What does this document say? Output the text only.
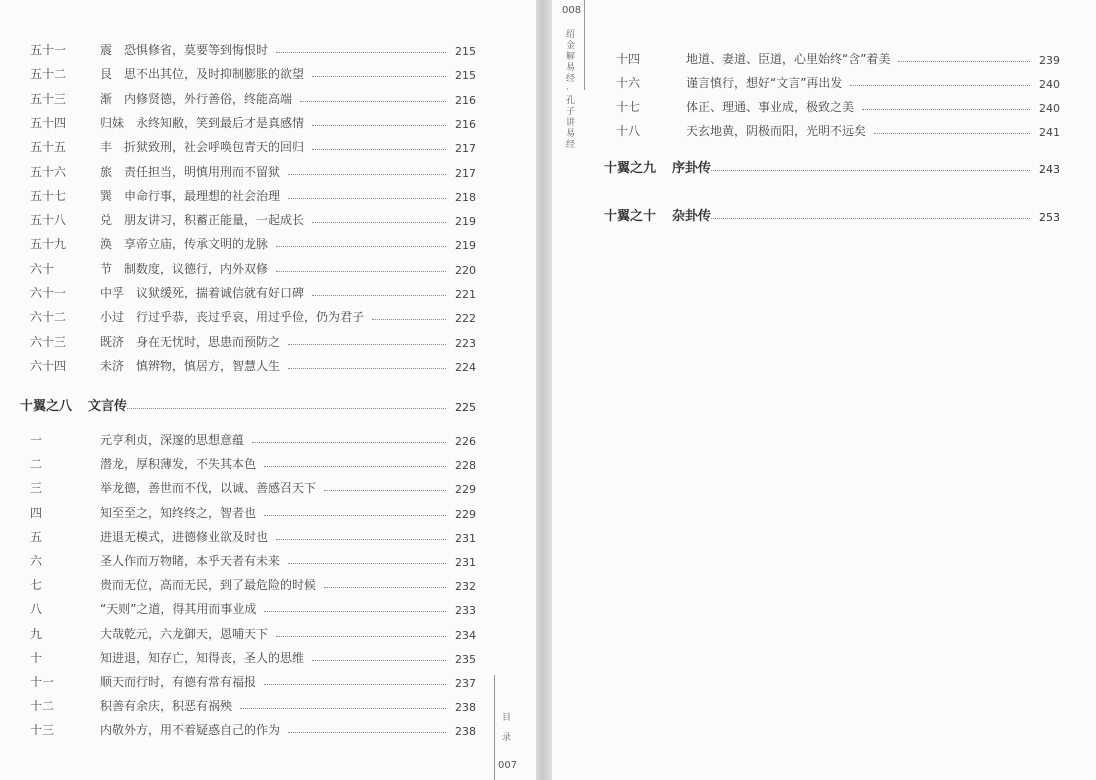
五十一	震　恐惧修省，莫要等到悔恨时	215
五十二	艮　思不出其位，及时抑制膨胀的欲望	215
五十三	渐　内修贤德，外行善俗，终能高端	216
五十四	归妹　永终知敝，笑到最后才是真感情	216
五十五	丰　折狱致刑，社会呼唤包青天的回归	217
五十六	旅　责任担当，明慎用刑而不留狱	217
五十七	巽　申命行事，最理想的社会治理	218
五十八	兑　朋友讲习，积蓄正能量，一起成长	219
五十九	涣　享帝立庙，传承文明的龙脉	219
六十	节　制数度，议德行，内外双修	220
六十一	中孚　议狱缓死，揣着诚信就有好口碑	221
六十二	小过　行过乎恭，丧过乎哀，用过乎俭，仍为君子	222
六十三	既济　身在无忧时，思患而预防之	223
六十四	未济　慎辨物，慎居方，智慧人生	224
十翼之八	文言传	225
一	元亨利贞，深邃的思想意蕴	226
二	潜龙，厚积薄发，不失其本色	228
三	举龙德，善世而不伐，以诚、善感召天下	229
四	知至至之，知终终之，智者也	229
五	进退无模式，进德修业欲及时也	231
六	圣人作而万物睹，本乎天者有未来	231
七	贵而无位，高而无民，到了最危险的时候	232
八	“天则”之道，得其用而事业成	233
九	大哉乾元，六龙御天，恩哺天下	234
十	知进退，知存亡，知得丧，圣人的思维	235
十一	顺天而行时，有德有常有福报	237
十二	积善有余庆，积恶有祸殃	238
十三	内敬外方，用不着疑惑自己的作为	238
目录
007
008
绍金解易经·孔子讲易经
十四	地道、妻道、臣道，心里始终“含”着美	239
十六	谨言慎行，想好“文言”再出发	240
十七	体正、理通、事业成，极致之美	240
十八	天玄地黄，阴极而阳，光明不远矣	241
十翼之九	序卦传	243
十翼之十	杂卦传	253
